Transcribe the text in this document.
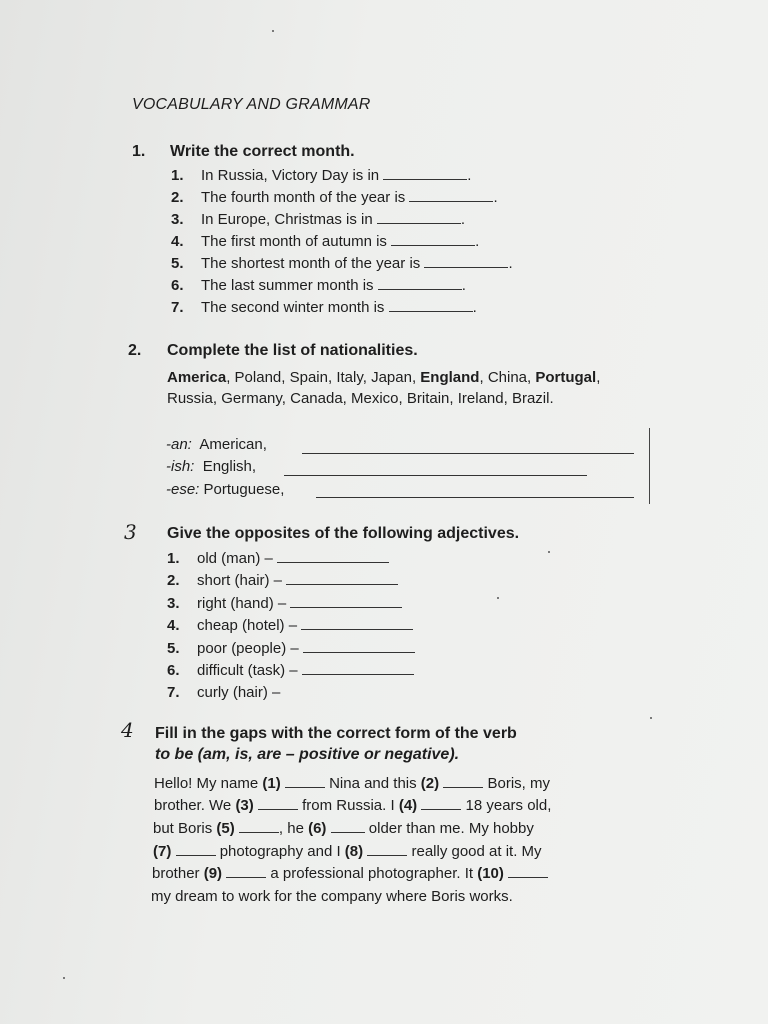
VOCABULARY AND GRAMMAR
1. Write the correct month.
1. In Russia, Victory Day is in	.
2. The fourth month of the year is	.
3. In Europe, Christmas is in	.
4. The first month of autumn is	.
5. The shortest month of the year is	.
6. The last summer month is	.
7. The second winter month is	.
2. Complete the list of nationalities.
America, Poland, Spain, Italy, Japan, England, China, Portugal, Russia, Germany, Canada, Mexico, Britain, Ireland, Brazil.
-an: American,
-ish: English,
-ese: Portuguese,
3 Give the opposites of the following adjectives.
1. old (man) –
2. short (hair) –
3. right (hand) –
4. cheap (hotel) –
5. poor (people) –
6. difficult (task) –
7. curly (hair) –
4 Fill in the gaps with the correct form of the verb
to be (am, is, are – positive or negative).
Hello! My name (1)	Nina and this (2)	Boris, my
brother. We (3)	from Russia. I (4)	18 years old,
but Boris (5)	, he (6)	older than me. My hobby
(7)	photography and I (8)	really good at it. My
brother (9)	a professional photographer. It (10)
my dream to work for the company where Boris works.
